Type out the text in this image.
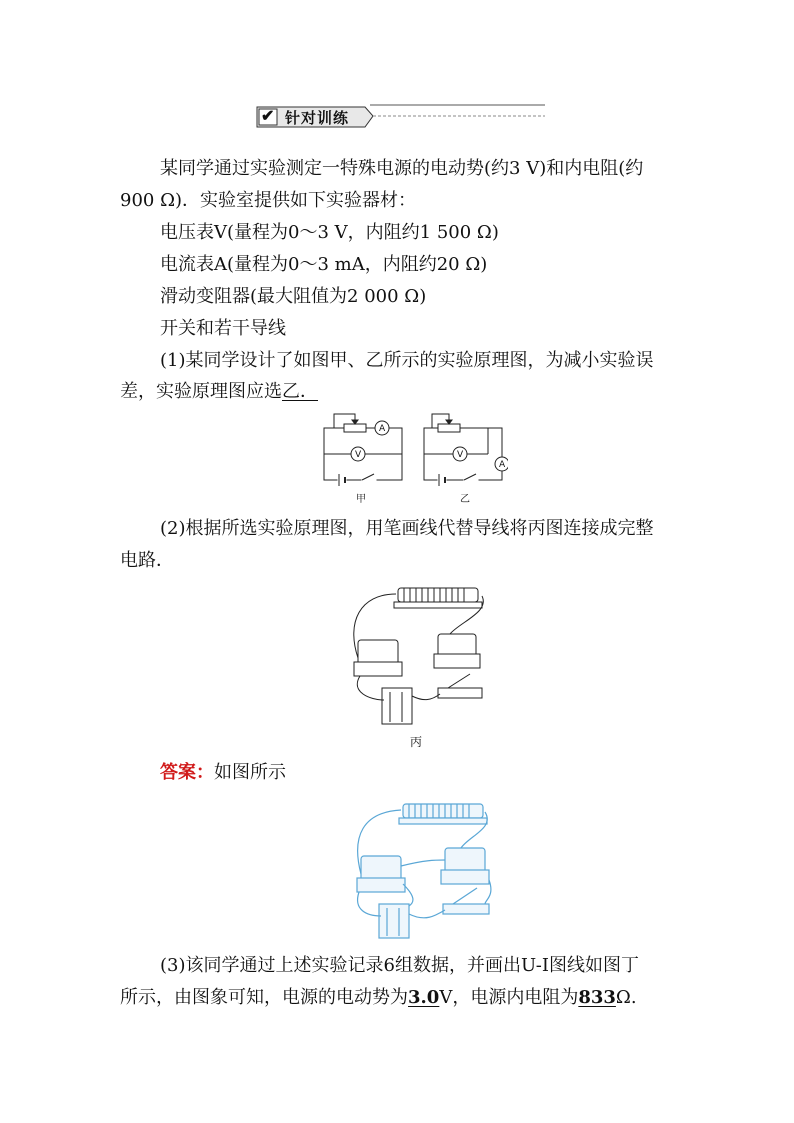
✔ 针对训练
某同学通过实验测定一特殊电源的电动势(约3 V)和内电阻(约
900 Ω)．实验室提供如下实验器材：
电压表V(量程为0～3 V，内阻约1 500 Ω)
电流表A(量程为0～3 mA，内阻约20 Ω)
滑动变阻器(最大阻值为2 000 Ω)
开关和若干导线
(1)某同学设计了如图甲、乙所示的实验原理图，为减小实验误
差，实验原理图应选乙．
A
V	V
A
甲	乙
(2)根据所选实验原理图，用笔画线代替导线将丙图连接成完整
电路．
丙
答案：如图所示
(3)该同学通过上述实验记录6组数据，并画出U-I图线如图丁
所示，由图象可知，电源的电动势为3.0V，电源内电阻为833Ω.
